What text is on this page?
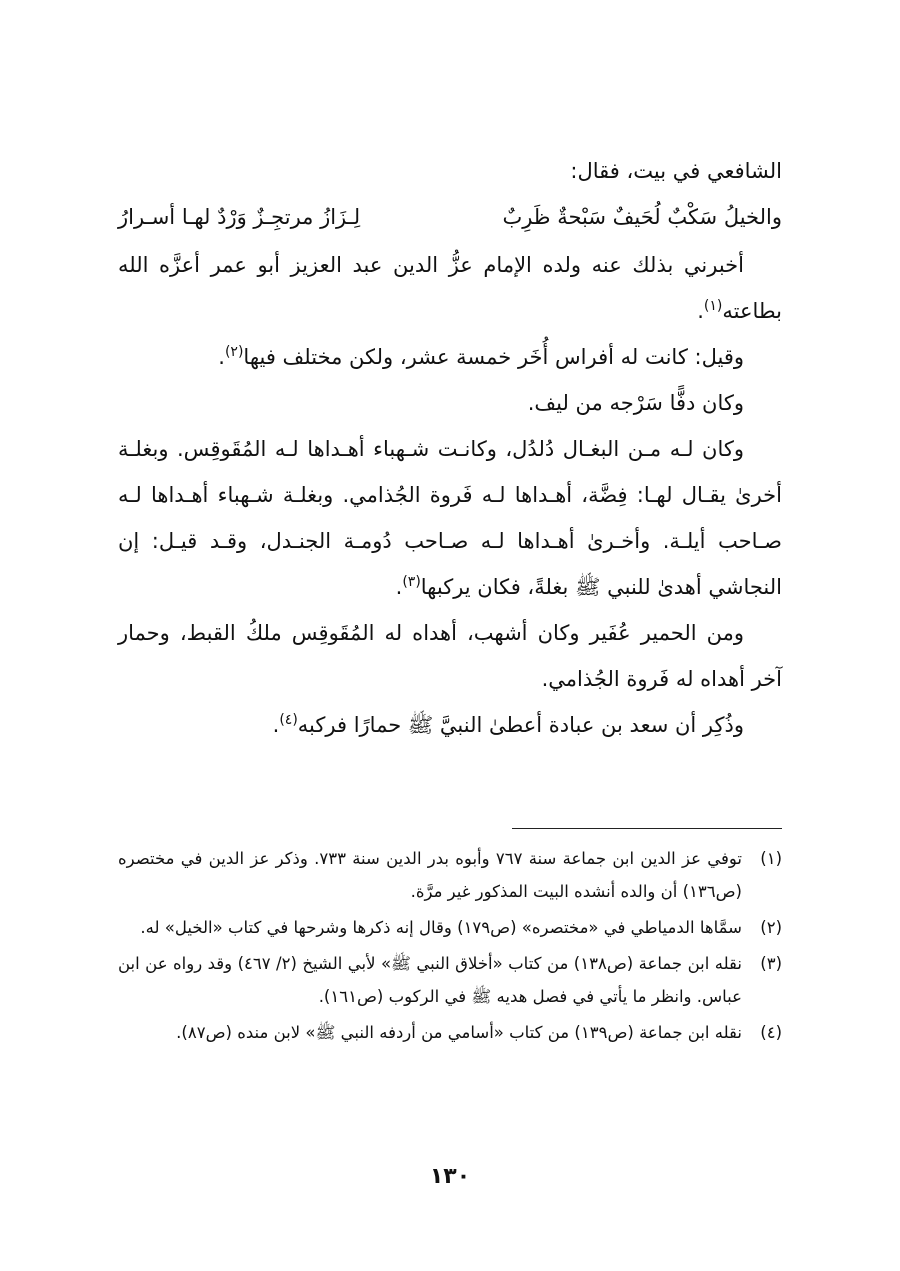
الشافعي في بيت، فقال:

والخيلُ سَكْبٌ لُحَيفٌ سَبْحةٌ ظَرِبٌ
لِـزَازُ مرتجِـزٌ وَرْدٌ لهـا أسـرارُ

أخبرني بذلك عنه ولده الإمام عزُّ الدين عبد العزيز أبو عمر أعزَّه الله بطاعته$^{(١)}$.

وقيل: كانت له أفراس أُخَر خمسة عشر، ولكن مختلف فيها$^{(٢)}$.

وكان دفًّا سَرْجه من ليف.

وكان لـه مـن البغـال دُلدُل، وكانـت شـهباء أهـداها لـه المُقَوقِس. وبغلـة أخرىٰ يقـال لهـا: فِضَّة، أهـداها لـه فَروة الجُذامي. وبغلـة شـهباء أهـداها لـه صـاحب أيلـة. وأخـرىٰ أهـداها لـه صـاحب دُومـة الجنـدل، وقـد قيـل: إن النجاشي أهدىٰ للنبي ﷺ بغلةً، فكان يركبها$^{(٣)}$.

ومن الحمير عُفَير وكان أشهب، أهداه له المُقَوقِس ملكُ القبط، وحمار آخر أهداه له فَروة الجُذامي.

وذُكِر أن سعد بن عبادة أعطىٰ النبيَّ ﷺ حمارًا فركبه$^{(٤)}$.

(١)
توفي عز الدين ابن جماعة سنة ٧٦٧ وأبوه بدر الدين سنة ٧٣٣. وذكر عز الدين في مختصره (ص١٣٦) أن والده أنشده البيت المذكور غير مرَّة.
(٢)
سمَّاها الدمياطي في «مختصره» (ص١٧٩) وقال إنه ذكرها وشرحها في كتاب «الخيل» له.
(٣)
نقله ابن جماعة (ص١٣٨) من كتاب «أخلاق النبي ﷺ» لأبي الشيخ (٢/ ٤٦٧) وقد رواه عن ابن عباس. وانظر ما يأتي في فصل هديه ﷺ في الركوب (ص١٦١).
(٤)
نقله ابن جماعة (ص١٣٩) من كتاب «أسامي من أردفه النبي ﷺ» لابن منده (ص٨٧).
١٣٠
